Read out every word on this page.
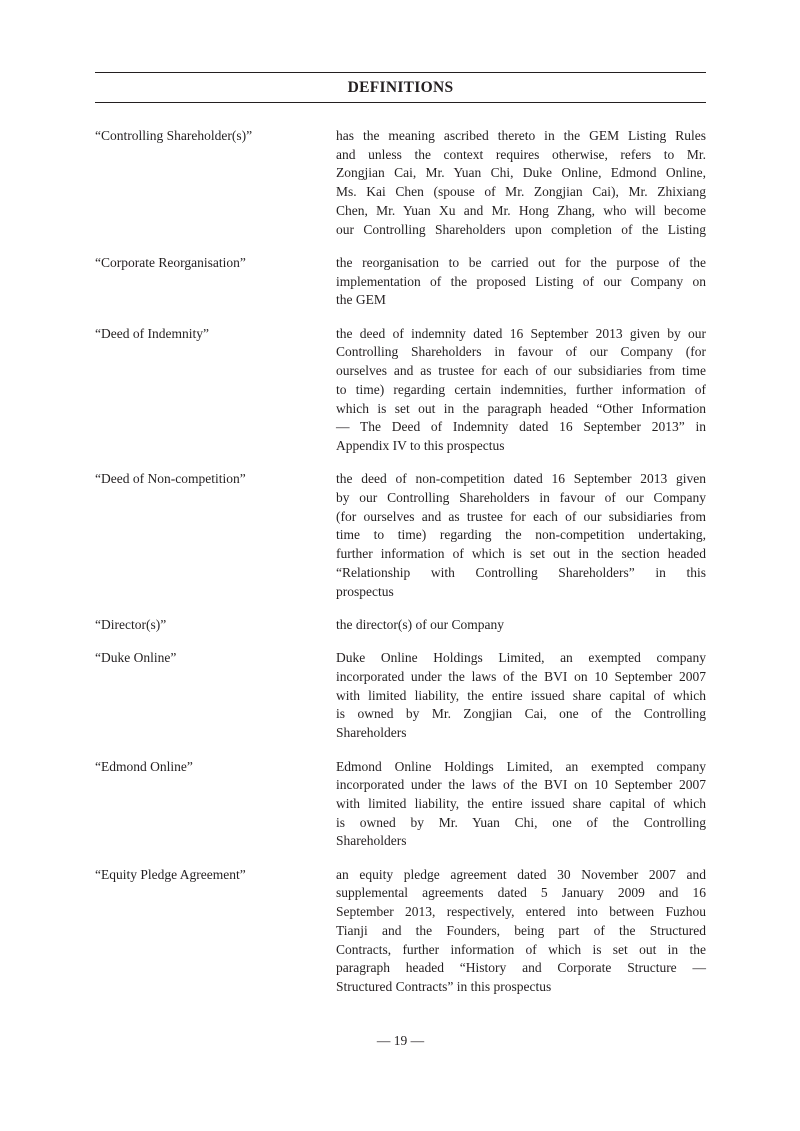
DEFINITIONS
“Controlling Shareholder(s)”	has the meaning ascribed thereto in the GEM Listing Rules
and unless the context requires otherwise, refers to Mr.
Zongjian Cai, Mr. Yuan Chi, Duke Online, Edmond Online,
Ms. Kai Chen (spouse of Mr. Zongjian Cai), Mr. Zhixiang
Chen, Mr. Yuan Xu and Mr. Hong Zhang, who will become
our Controlling Shareholders upon completion of the Listing
“Corporate Reorganisation”	the reorganisation to be carried out for the purpose of the
implementation of the proposed Listing of our Company on
the GEM
“Deed of Indemnity”	the deed of indemnity dated 16 September 2013 given by our
Controlling Shareholders in favour of our Company (for
ourselves and as trustee for each of our subsidiaries from time
to time) regarding certain indemnities, further information of
which is set out in the paragraph headed “Other Information
— The Deed of Indemnity dated 16 September 2013” in
Appendix IV to this prospectus
“Deed of Non-competition”	the deed of non-competition dated 16 September 2013 given
by our Controlling Shareholders in favour of our Company
(for ourselves and as trustee for each of our subsidiaries from
time to time) regarding the non-competition undertaking,
further information of which is set out in the section headed
“Relationship with Controlling Shareholders” in this
prospectus
“Director(s)”	the director(s) of our Company
“Duke Online”	Duke Online Holdings Limited, an exempted company
incorporated under the laws of the BVI on 10 September 2007
with limited liability, the entire issued share capital of which
is owned by Mr. Zongjian Cai, one of the Controlling
Shareholders
“Edmond Online”	Edmond Online Holdings Limited, an exempted company
incorporated under the laws of the BVI on 10 September 2007
with limited liability, the entire issued share capital of which
is owned by Mr. Yuan Chi, one of the Controlling
Shareholders
“Equity Pledge Agreement”	an equity pledge agreement dated 30 November 2007 and
supplemental agreements dated 5 January 2009 and 16
September 2013, respectively, entered into between Fuzhou
Tianji and the Founders, being part of the Structured
Contracts, further information of which is set out in the
paragraph headed “History and Corporate Structure —
Structured Contracts” in this prospectus
— 19 —
